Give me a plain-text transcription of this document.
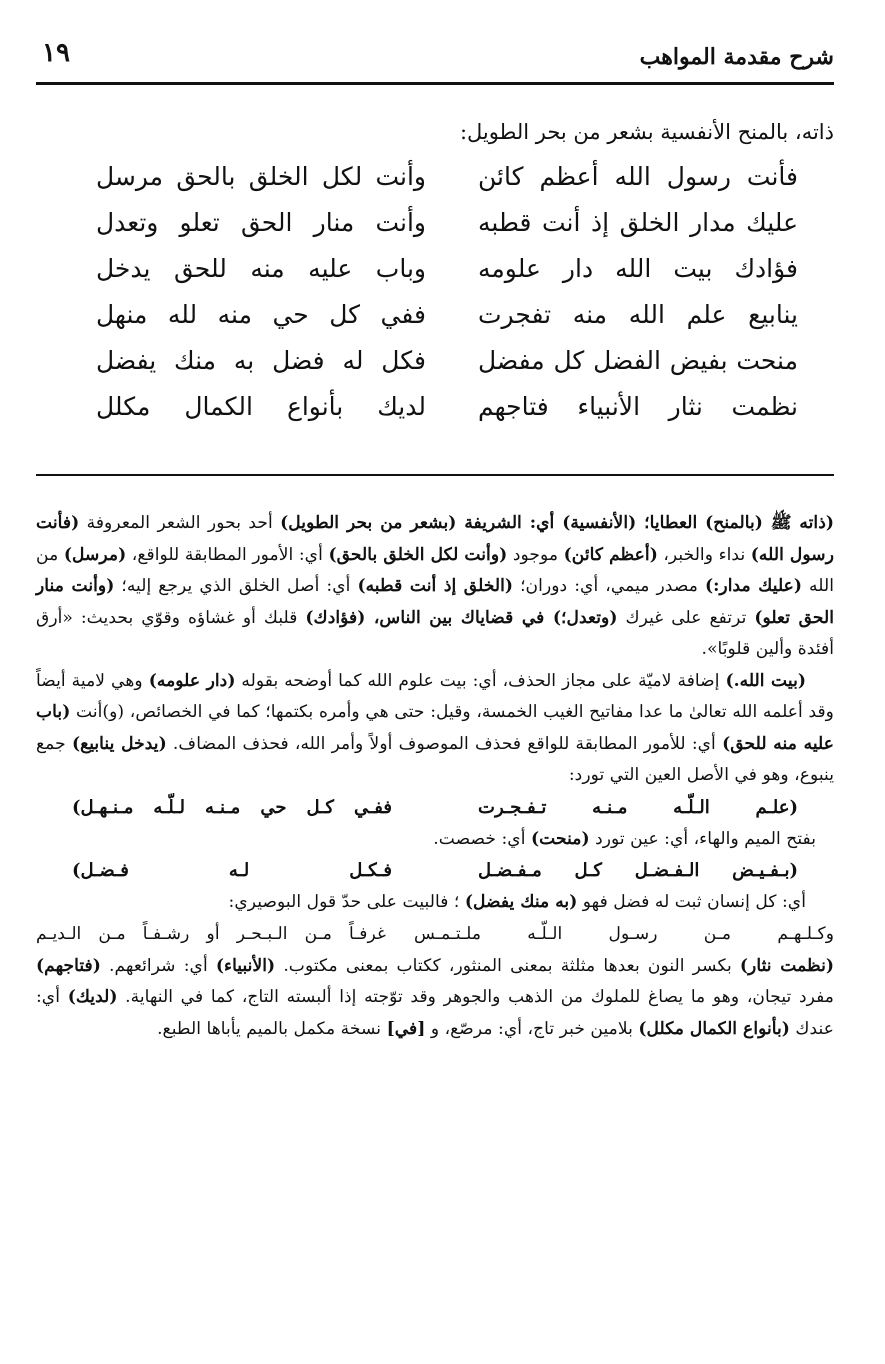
شرح مقدمة المواهب
١٩
ذاته، بالمنح الأنفسية بشعر من بحر الطويل:
فأنت رسول الله أعظم كائن
وأنت لكل الخلق بالحق مرسل
عليك مدار الخلق إذ أنت قطبه
وأنت منار الحق تعلو وتعدل
فؤادك بيت الله دار علومه
وباب عليه منه للحق يدخل
ينابيع علم الله منه تفجرت
ففي كل حي منه لله منهل
منحت بفيض الفضل كل مفضل
فكل له فضل به منك يفضل
نظمت نثار الأنبياء فتاجهم
لديك بأنواع الكمال مكلل

(ذاته ﷺ (بالمنح) العطايا؛ (الأنفسية) أي: الشريفة (بشعر من بحر الطويل) أحد بحور الشعر المعروفة (فأنت رسول الله) نداء والخبر، (أعظم كائن) موجود (وأنت لكل الخلق بالحق) أي: الأمور المطابقة للواقع، (مرسل) من الله (عليك مدار:) مصدر ميمي، أي: دوران؛ (الخلق إذ أنت قطبه) أي: أصل الخلق الذي يرجع إليه؛ (وأنت منار الحق تعلو) ترتفع على غيرك (وتعدل؛) في قضاياك بين الناس، (فؤادك) قلبك أو غشاؤه وقوّي بحديث: «أرق أفئدة وألين قلوبًا».

(بيت الله.) إضافة لاميّة على مجاز الحذف، أي: بيت علوم الله كما أوضحه بقوله (دار علومه) وهي لامية أيضاً وقد أعلمه الله تعالىٰ ما عدا مفاتيح الغيب الخمسة، وقيل: حتى هي وأمره بكتمها؛ كما في الخصائص، (و)أنت (باب عليه منه للحق) أي: للأمور المطابقة للواقع فحذف الموصوف أولاً وأمر الله، فحذف المضاف. (يدخل ينابيع) جمع ينبوع، وهو في الأصل العين التي تورد:

(علـم الـلّـه مـنـه تـفـجـرت
ففـي كـل حي مـنـه لـلّـه مـنـهـل)

بفتح الميم والهاء، أي: عين تورد (منحت) أي: خصصت.

(بـفـيـض الـفـضـل كـل مـفـضـل
فـكـل لـه فـضـل)

أي: كل إنسان ثبت له فضل فهو (به منك يفضل) ؛ فالبيت على حدّ قول البوصيري:

وكـلـهـم مـن رسـول الـلّـه ملـتـمـس
غرفـاً مـن الـبـحـر أو رشـفـاً مـن الـديـم

(نظمت نثار) بكسر النون بعدها مثلثة بمعنى المنثور، ككتاب بمعنى مكتوب. (الأنبياء) أي: شرائعهم. (فتاجهم) مفرد تيجان، وهو ما يصاغ للملوك من الذهب والجوهر وقد توّجته إذا ألبسته التاج، كما في النهاية. (لديك) أي: عندك (بأنواع الكمال مكلل) بلامين خبر تاج، أي: مرصّع، و [في] نسخة مكمل بالميم يأباها الطبع.
